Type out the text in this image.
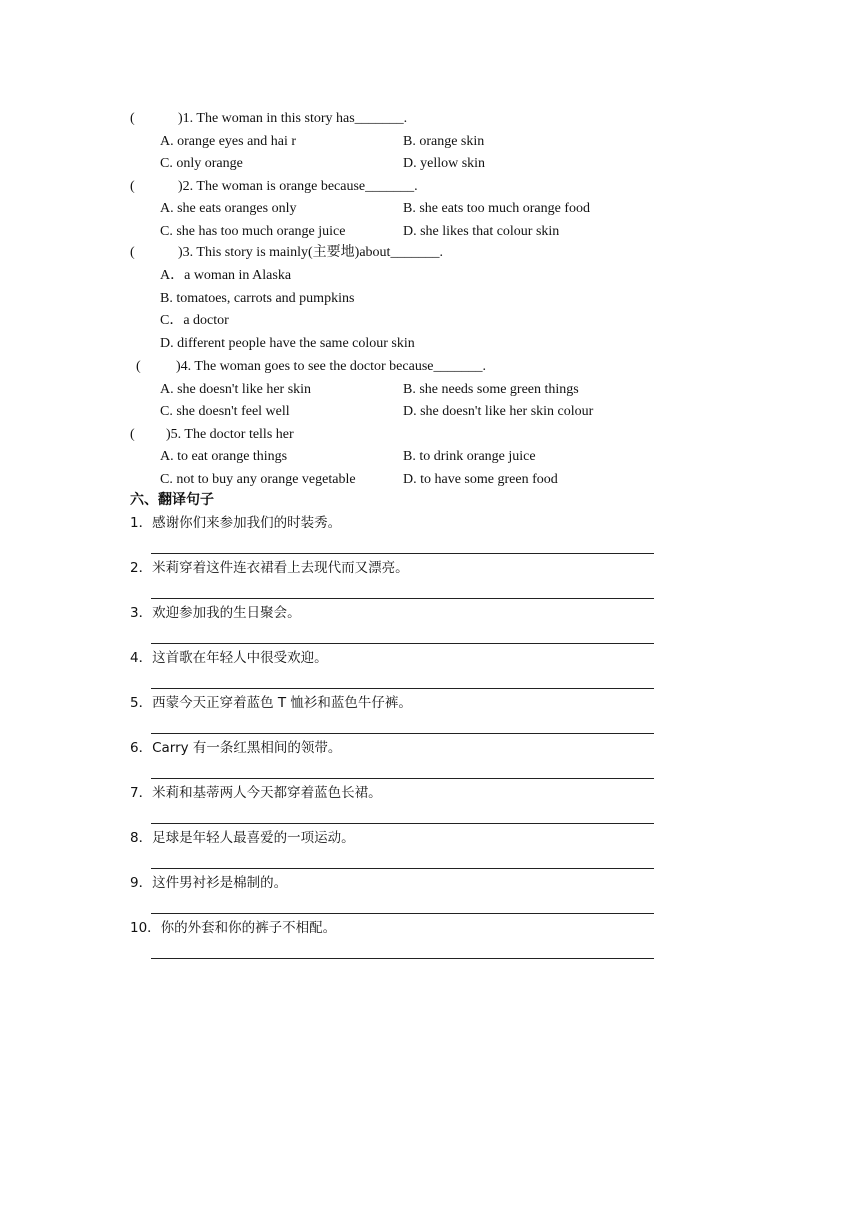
(	)1. The woman in this story has_______.
A. orange eyes and hai r	B. orange skin
C. only orange	D. yellow skin
(	)2. The woman is orange because_______.
A. she eats oranges only	B. she eats too much orange food
C. she has too much orange juice	D. she likes that colour skin
(	)3. This story is mainly(主要地)about_______.
A．a woman in Alaska
B. tomatoes, carrots and pumpkins
C．a doctor
D. different people have the same colour skin
(	)4. The woman goes to see the doctor because_______.
A. she doesn't like her skin	B. she needs some green things
C. she doesn't feel well	D. she doesn't like her skin colour
( )5. The doctor tells her
A. to eat orange things	B. to drink orange juice
C. not to buy any orange vegetable	D. to have some green food
六、翻译句子
1．感谢你们来参加我们的时装秀。
2．米莉穿着这件连衣裙看上去现代而又漂亮。
3．欢迎参加我的生日聚会。
4．这首歌在年轻人中很受欢迎。
5．西蒙今天正穿着蓝色 T 恤衫和蓝色牛仔裤。
6．Carry 有一条红黑相间的领带。
7．米莉和基蒂两人今天都穿着蓝色长裙。
8．足球是年轻人最喜爱的一项运动。
9．这件男衬衫是棉制的。
10．你的外套和你的裤子不相配。
